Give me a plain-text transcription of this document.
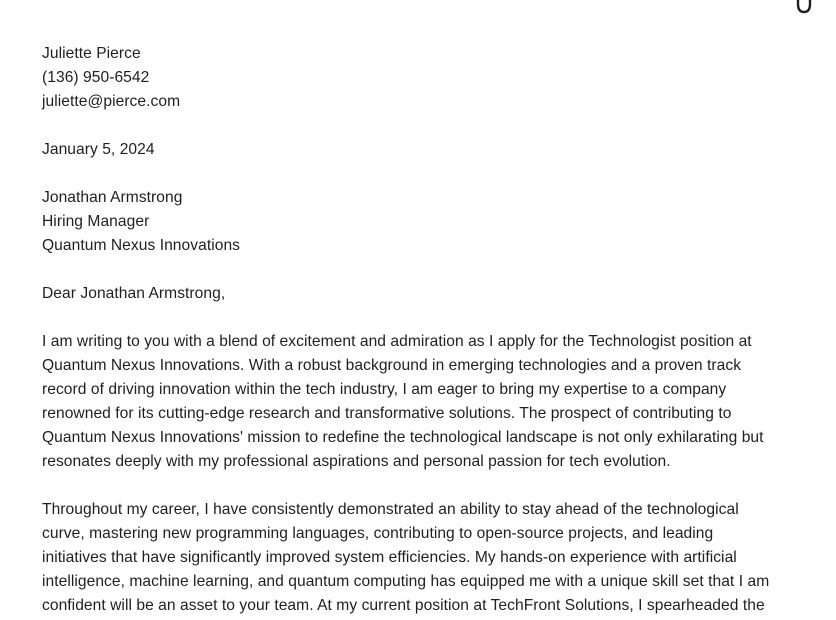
Juliette Pierce
(136) 950-6542
juliette@pierce.com
January 5, 2024
Jonathan Armstrong
Hiring Manager
Quantum Nexus Innovations
Dear Jonathan Armstrong,
I am writing to you with a blend of excitement and admiration as I apply for the Technologist position at
Quantum Nexus Innovations. With a robust background in emerging technologies and a proven track
record of driving innovation within the tech industry, I am eager to bring my expertise to a company
renowned for its cutting-edge research and transformative solutions. The prospect of contributing to
Quantum Nexus Innovations' mission to redefine the technological landscape is not only exhilarating but
resonates deeply with my professional aspirations and personal passion for tech evolution.
Throughout my career, I have consistently demonstrated an ability to stay ahead of the technological
curve, mastering new programming languages, contributing to open-source projects, and leading
initiatives that have significantly improved system efficiencies. My hands-on experience with artificial
intelligence, machine learning, and quantum computing has equipped me with a unique skill set that I am
confident will be an asset to your team. At my current position at TechFront Solutions, I spearheaded the
